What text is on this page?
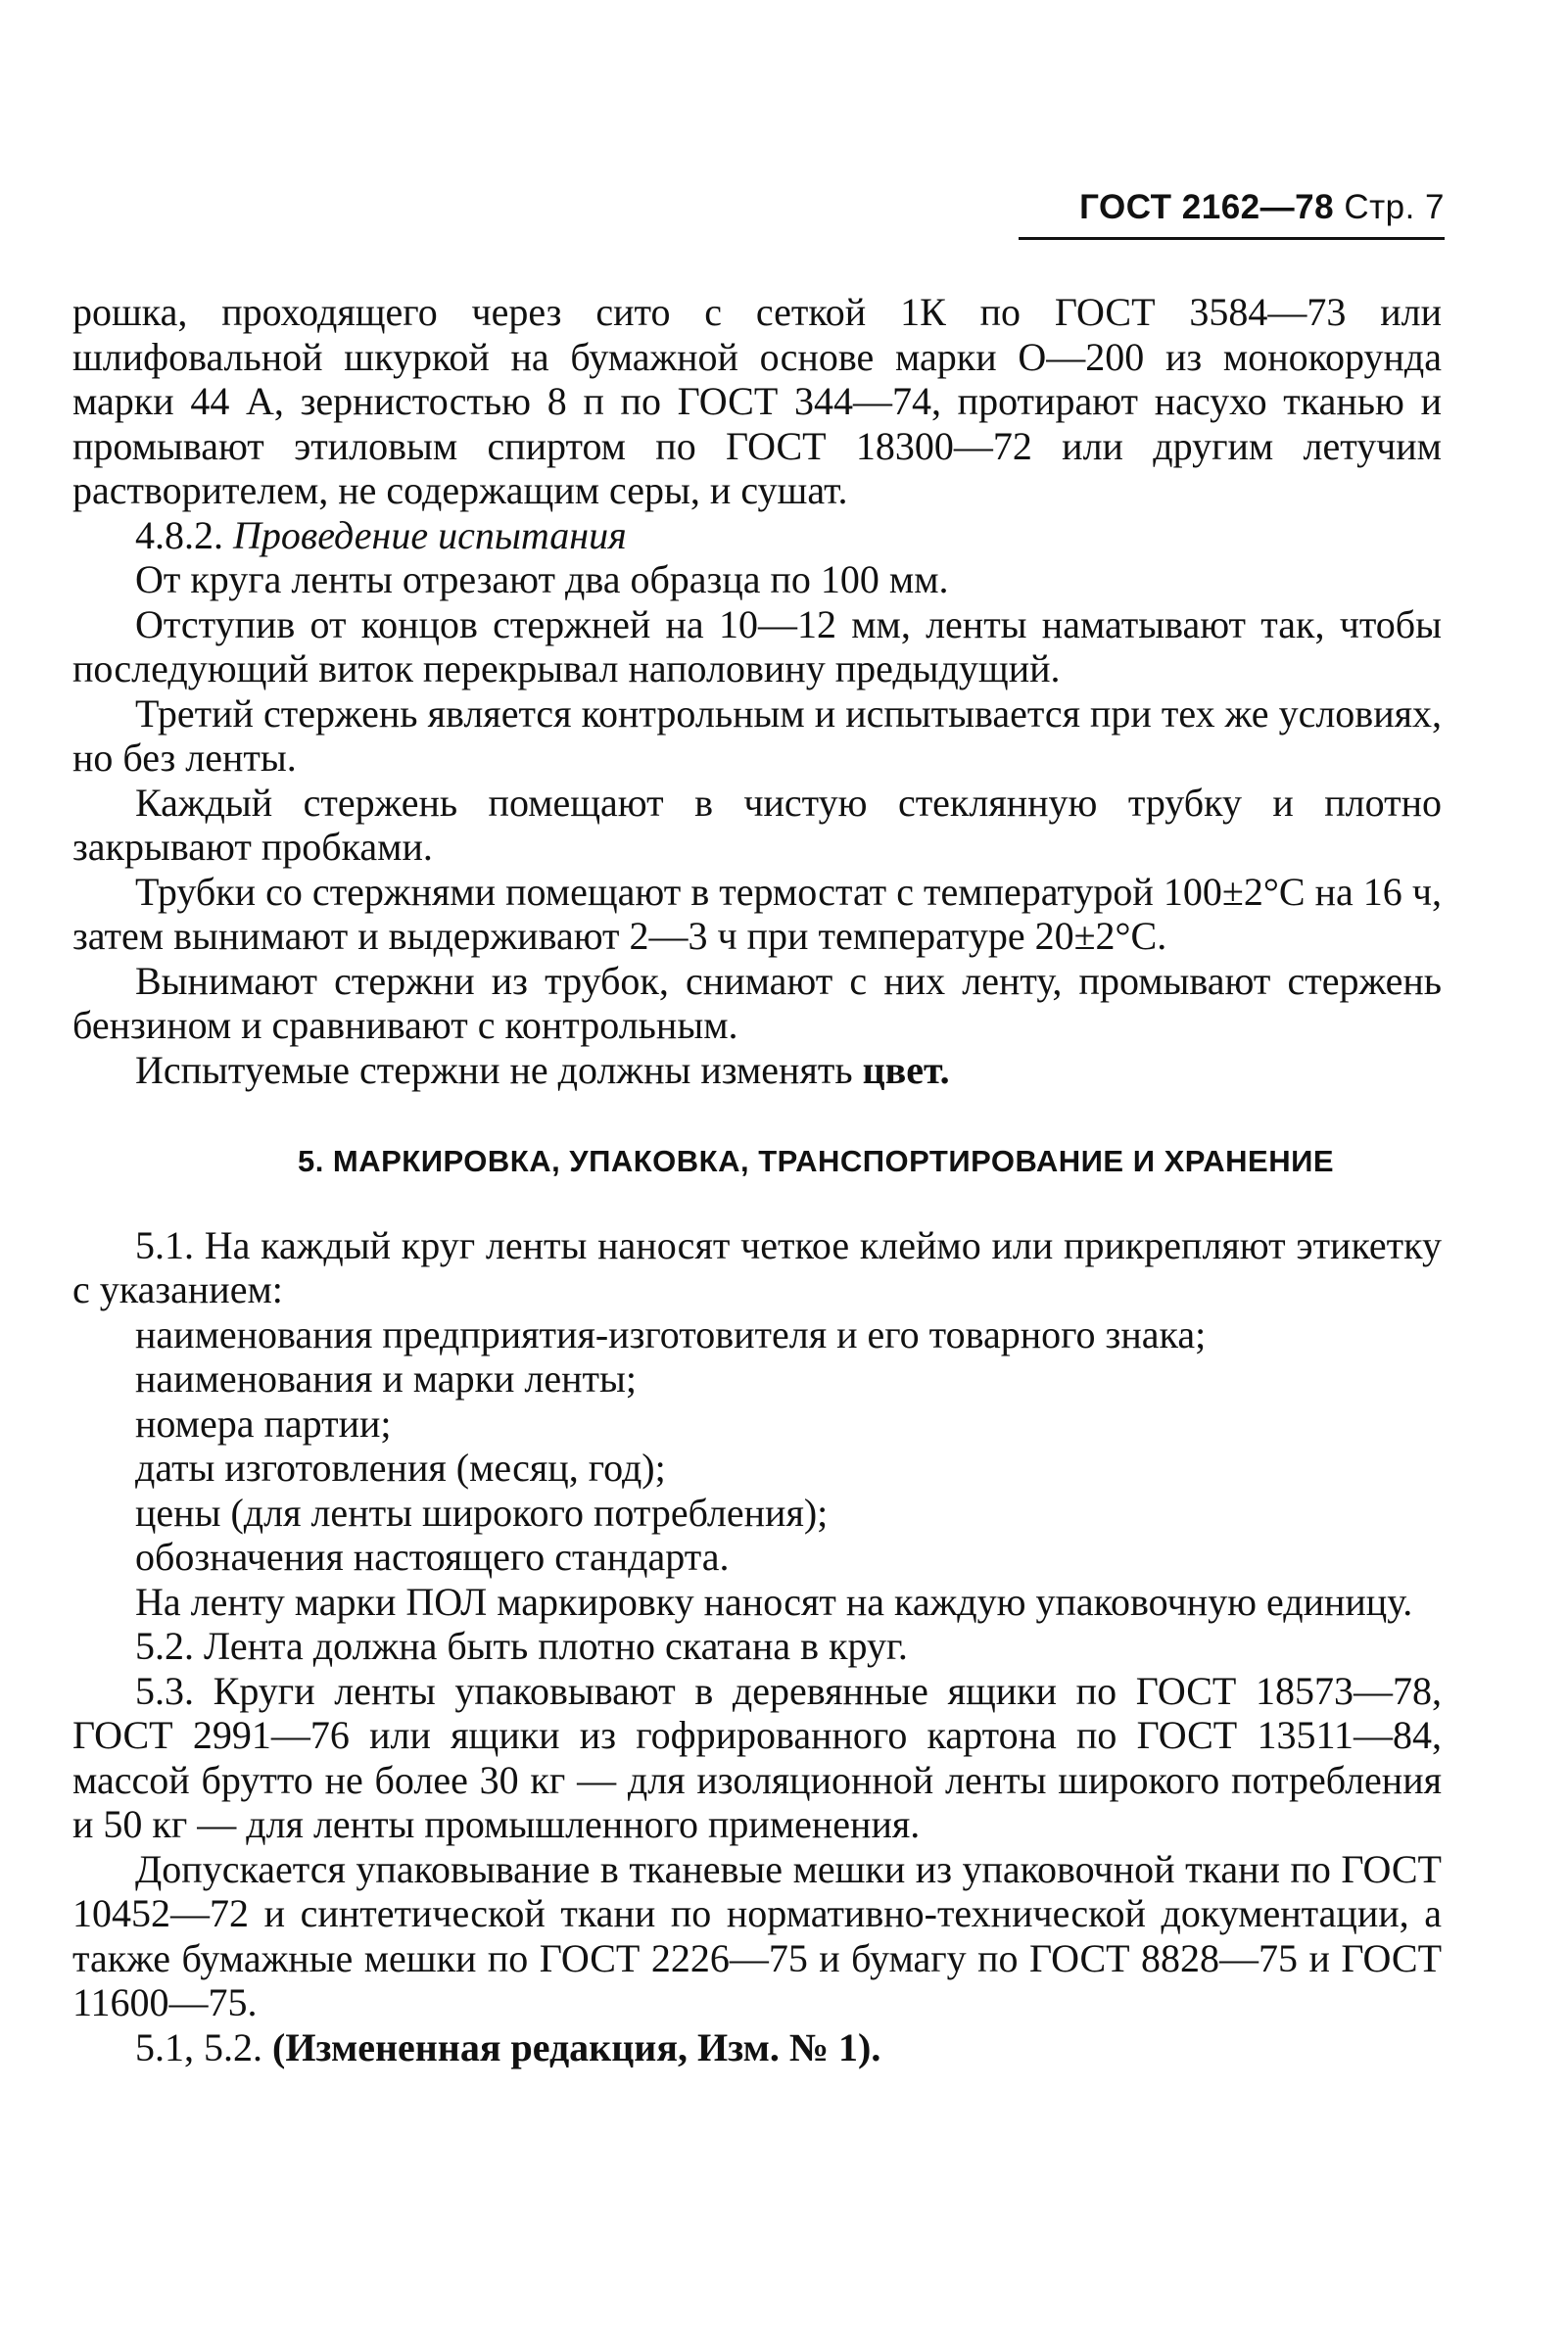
ГОСТ 2162—78 Стр. 7

рошка, проходящего через сито с сеткой 1К по ГОСТ 3584—73 или шлифовальной шкуркой на бумажной основе марки О—200 из монокорунда марки 44 А, зернистостью 8 п по ГОСТ 344—74, протирают насухо тканью и промывают этиловым спиртом по ГОСТ 18300—72 или другим летучим растворителем, не содержащим серы, и сушат.

4.8.2. Проведение испытания

От круга ленты отрезают два образца по 100 мм.

Отступив от концов стержней на 10—12 мм, ленты наматывают так, чтобы последующий виток перекрывал наполовину предыдущий.

Третий стержень является контрольным и испытывается при тех же условиях, но без ленты.

Каждый стержень помещают в чистую стеклянную трубку и плотно закрывают пробками.

Трубки со стержнями помещают в термостат с температурой 100±2°С на 16 ч, затем вынимают и выдерживают 2—3 ч при температуре 20±2°С.

Вынимают стержни из трубок, снимают с них ленту, промывают стержень бензином и сравнивают с контрольным.

Испытуемые стержни не должны изменять цвет.

5. МАРКИРОВКА, УПАКОВКА, ТРАНСПОРТИРОВАНИЕ И ХРАНЕНИЕ

5.1. На каждый круг ленты наносят четкое клеймо или прикрепляют этикетку с указанием:

наименования предприятия-изготовителя и его товарного знака;

наименования и марки ленты;

номера партии;

даты изготовления (месяц, год);

цены (для ленты широкого потребления);

обозначения настоящего стандарта.

На ленту марки ПОЛ маркировку наносят на каждую упаковочную единицу.

5.2. Лента должна быть плотно скатана в круг.

5.3. Круги ленты упаковывают в деревянные ящики по ГОСТ 18573—78, ГОСТ 2991—76 или ящики из гофрированного картона по ГОСТ 13511—84, массой брутто не более 30 кг — для изоляционной ленты широкого потребления и 50 кг — для ленты промышленного применения.

Допускается упаковывание в тканевые мешки из упаковочной ткани по ГОСТ 10452—72 и синтетической ткани по нормативно-технической документации, а также бумажные мешки по ГОСТ 2226—75 и бумагу по ГОСТ 8828—75 и ГОСТ 11600—75.

5.1, 5.2. (Измененная редакция, Изм. № 1).
